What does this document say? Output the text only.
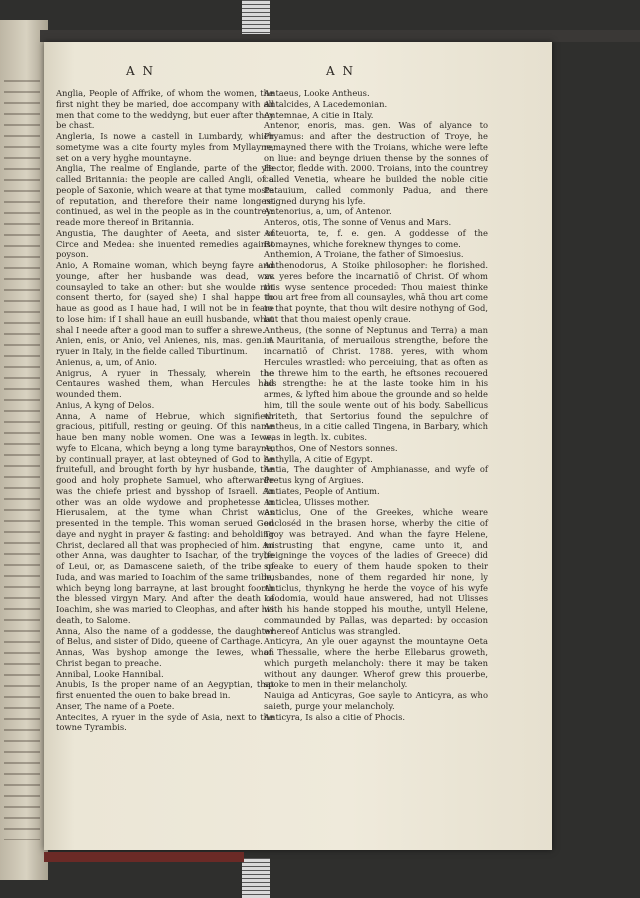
A N	A N

Anglia, People of Affrike, of whom the women, the first night they be maried, doe accompany with all men that come to the weddyng, but euer after they be chast.

Angleria, Is nowe a castell in Lumbardy, which sometyme was a cite fourty myles from Myllayne, set on a very hyghe mountayne.

Anglia, The realme of Englande, parte of the yle called Britannia: the people are called Angli, of a people of Saxonie, which weare at that tyme moste of reputation, and therefore their name longest continued, as wel in the people as in the countrey: reade more thereof in Britannia.

Angustia, The daughter of Aeeta, and sister of Circe and Medea: she inuented remedies against poyson.

Anio, A Romaine woman, which beyng fayre and younge, after her husbande was dead, was counsayled to take an other: but she woulde not consent therto, for (sayed she) I shal happe to haue as good as I haue had, I will not be in feare to lose him: if I shall haue an euill husbande, what shal I neede after a good man to suffer a shrewe.

Anien, enis, or Anio, vel Anienes, nis, mas. gen. A ryuer in Italy, in the fielde called Tiburtinum.

Anienus, a, um, of Anio.

Anigrus, A ryuer in Thessaly, wherein the Centaures washed them, whan Hercules had wounded them.

Anius, A kyng of Delos.

Anna, A name of Hebrue, which signifieth gracious, pitifull, resting or geuing. Of this name haue ben many noble women. One was a Iewe, wyfe to Elcana, which beyng a long tyme barayne, by continuall prayer, at last obteyned of God to be fruitefull, and brought forth by hyr husbande, the good and holy prophete Samuel, who afterwarde was the chiefe priest and bysshop of Israell. An other was an olde wydowe and prophetesse in Hierusalem, at the tyme whan Christ was presented in the temple. This woman serued God daye and nyght in prayer & fasting: and beholding Christ, declared all that was prophecied of him. An other Anna, was daughter to Isachar, of the trybe of Leui, or, as Damascene saieth, of the tribe of Iuda, and was maried to Ioachim of the same tribe, which beyng long barrayne, at last brought foorth the blessed virgyn Mary. And after the death of Ioachim, she was maried to Cleophas, and after his death, to Salome.

Anna, Also the name of a goddesse, the daughter of Belus, and sister of Dido, queene of Carthage.

Annas, Was byshop amonge the Iewes, whan Christ began to preache.

Annibal, Looke Hannibal.

Anubis, Is the proper name of an Aegyptian, that first enuented the ouen to bake bread in.

Anser, The name of a Poete.

Antecites, A ryuer in the syde of Asia, next to the towne Tyrambis.

Antaeus, Looke Antheus.

Antalcides, A Lacedemonian.

Antemnae, A citie in Italy.

Antenor, enoris, mas. gen. Was of alyance to Pryamus: and after the destruction of Troye, he remayned there with the Troians, whiche were lefte on liue: and beynge driuen thense by the sonnes of Hector, fledde with. 2000. Troians, into the countrey called Venetia, wheare he builded the noble citie Patauium, called commonly Padua, and there reigned duryng his lyfe.

Antenorius, a, um, of Antenor.

Anteros, otis, The sonne of Venus and Mars.

Anteuorta, te, f. e. gen. A goddesse of the Romaynes, whiche foreknew thynges to come.

Anthemion, A Troiane, the father of Simoesius.

Anthenodorus, A Stoike philosopher: he florished. xv. yeres before the incarnatiō of Christ. Of whom this wyse sentence proceded: Thou maiest thinke thou art free from all counsayles, whā thou art come to that poynte, that thou wilt desire nothyng of God, but that thou maiest openly craue.

Antheus, (the sonne of Neptunus and Terra) a man in Mauritania, of meruailous strengthe, before the incarnatiō of Christ. 1788. yeres, with whom Hercules wrastled: who perceiuing, that as often as he threwe him to the earth, he eftsones recouered his strengthe: he at the laste tooke him in his armes, & lyfted him aboue the grounde and so helde him, till the soule wente out of his body. Sabellicus writeth, that Sertorius found the sepulchre of Antheus, in a citie called Tingena, in Barbary, which was in legth. lx. cubites.

Anthos, One of Nestors sonnes.

Anthylla, A citie of Egypt.

Antia, The daughter of Amphianasse, and wyfe of Pretus kyng of Argiues.

Antiates, People of Antium.

Anticlea, Ulisses mother.

Anticlus, One of the Greekes, whiche weare encloséd in the brasen horse, wherby the citie of Troy was betrayed. And whan the fayre Helene, mistrusting that engyne, came unto it, and (feigninge the voyces of the ladies of Greece) did speake to euery of them haude spoken to their husbandes, none of them regarded hir none, ly Anticlus, thynkyng he herde the voyce of his wyfe Laodomia, would haue answered, had not Ulisses with his hande stopped his mouthe, untyll Helene, commaunded by Pallas, was departed: by occasion whereof Anticlus was strangled.

Anticyra, An yle ouer agaynst the mountayne Oeta of Thessalie, where the herbe Ellebarus groweth, which purgeth melancholy: there it may be taken without any daunger. Wherof grew this prouerbe, spoke to men in their melancholy.

Nauiga ad Anticyras, Goe sayle to Anticyra, as who saieth, purge your melancholy.

Anticyra, Is also a citie of Phocis.
